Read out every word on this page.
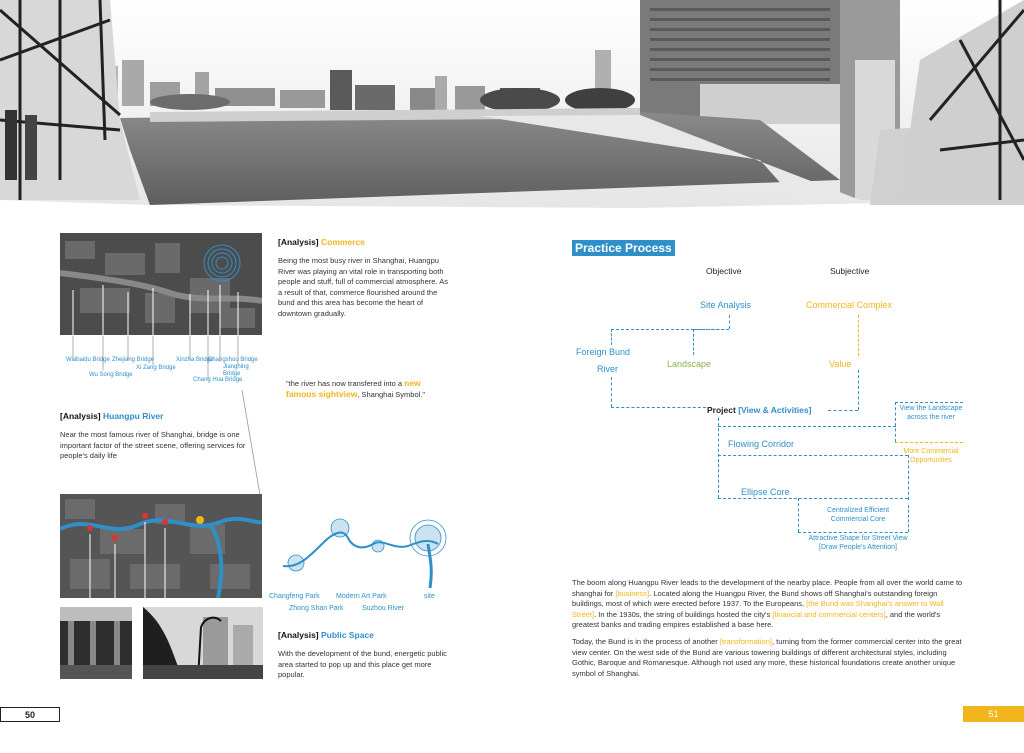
Waibaidu Bridge
Wu Song Bridge
Zhejiang Bridge
Xi Zang Bridge
Xinzha Bridge
Chang Hua Bridge
Changshou Bridge
Jiangning Bridge
[Analysis] Commerce
Being the most busy river in Shanghai, Huangpu River was playing an vital role in transporting both people and stuff, full of commercial atmosphere. As a result of that, commerce flourished around the bund and this area has become the heart of downtown gradually.
"the river has now transfered into a new famous sightview, Shanghai Symbol."
[Analysis] Huangpu River
Near the most famous river of Shanghai, bridge is one important factor of the street scene, offering services for people's daily life
Changfeng Park
Zhong Shan Park
Modern Art Park
Suzhou River
site
[Analysis] Public Space
With the development of the bund, energetic public area started to pop up and this place get more popular.
50
Practice Process
Objective	Subjective
Site Analysis	Commercial Complex
Foreign Bund
River	Landscape	Value
Project [View & Activities]	View the Landscape across the river
More Commercial Opportunities
Flowing Corridor
Ellipse Core
Centralized Efficient Commercial Core
Attractive Shape for Street View [Draw People's Attention]
The boom along Huangpu River leads to the development of the nearby place. People from all over the world came to shanghai for [business]. Located along the Huangpu River, the Bund shows off Shanghai's outstanding foreign buildings, most of which were erected before 1937. To the Europeans, [the Bund was Shanghai's answer to Wall Street]. In the 1930s, the string of buildings hosted the city's [financial and commercial centers], and the world's greatest banks and trading empires established a base here.
Today, the Bund is in the process of another [transformation], turning from the former commercial center into the great view center. On the west side of the Bund are various towering buildings of different architectural styles, including Gothic, Baroque and Romanesque. Although not used any more, these historical foundations create another unique symbol of Shanghai.
51
